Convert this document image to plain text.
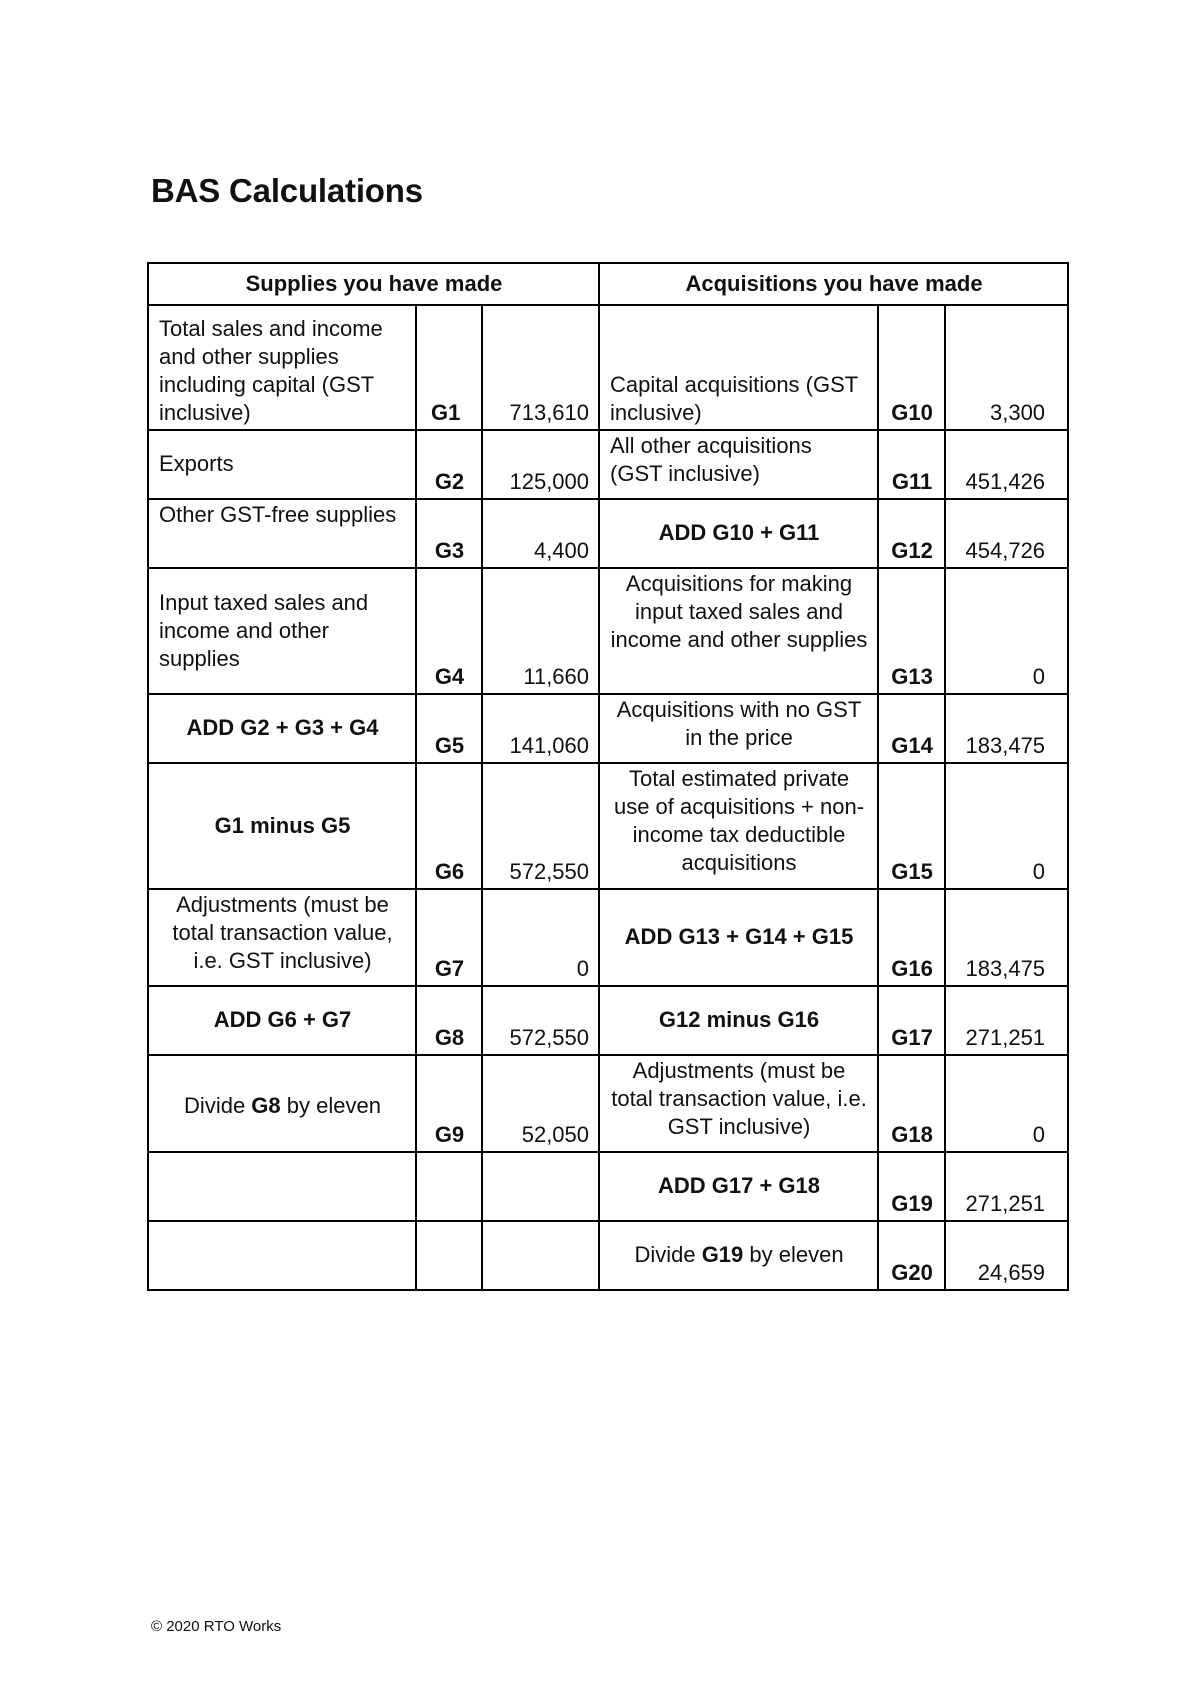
BAS Calculations
Supplies you have made			Acquisitions you have made		
Total sales and income and other supplies including capital (GST inclusive)	G1	713,610	Capital acquisitions (GST inclusive)	G10	3,300
Exports	G2	125,000	All other acquisitions (GST inclusive)	G11	451,426
Other GST-free supplies	G3	4,400	ADD G10 + G11	G12	454,726
Input taxed sales and income and other supplies	G4	11,660	Acquisitions for making input taxed sales and income and other supplies	G13	0
ADD G2 + G3 + G4	G5	141,060	Acquisitions with no GST in the price	G14	183,475
G1 minus G5	G6	572,550	Total estimated private use of acquisitions + non-income tax deductible acquisitions	G15	0
Adjustments (must be total transaction value, i.e. GST inclusive)	G7	0	ADD G13 + G14 + G15	G16	183,475
ADD G6 + G7	G8	572,550	G12 minus G16	G17	271,251
Divide G8 by eleven	G9	52,050	Adjustments (must be total transaction value, i.e. GST inclusive)	G18	0
			ADD G17 + G18	G19	271,251
			Divide G19 by eleven	G20	24,659
© 2020 RTO Works
